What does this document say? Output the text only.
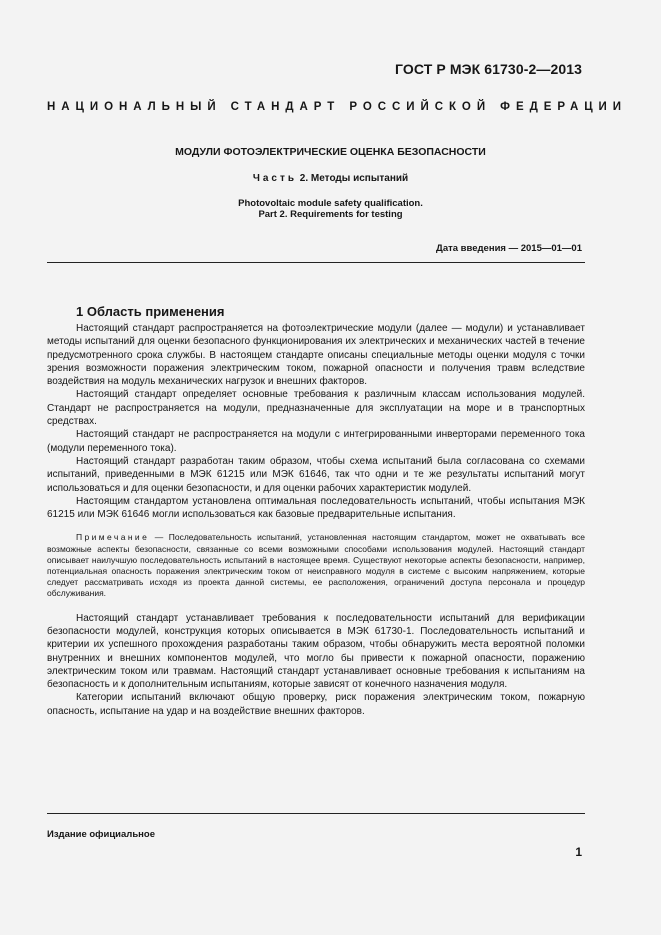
ГОСТ Р МЭК 61730-2—2013
НАЦИОНАЛЬНЫЙ СТАНДАРТ РОССИЙСКОЙ ФЕДЕРАЦИИ
МОДУЛИ ФОТОЭЛЕКТРИЧЕСКИЕ ОЦЕНКА БЕЗОПАСНОСТИ
Часть 2. Методы испытаний
Photovoltaic module safety qualification.
Part 2. Requirements for testing
Дата введения — 2015—01—01
1 Область применения

Настоящий стандарт распространяется на фотоэлектрические модули (далее — модули) и устанавливает методы испытаний для оценки безопасного функционирования их электрических и механических частей в течение предусмотренного срока службы. В настоящем стандарте описаны специальные методы оценки модуля с точки зрения возможности поражения электрическим током, пожарной опасности и получения травм вследствие воздействия на модуль механических нагрузок и внешних факторов.

Настоящий стандарт определяет основные требования к различным классам использования модулей. Стандарт не распространяется на модули, предназначенные для эксплуатации на море и в транспортных средствах.

Настоящий стандарт не распространяется на модули с интегрированными инверторами переменного тока (модули переменного тока).

Настоящий стандарт разработан таким образом, чтобы схема испытаний была согласована со схемами испытаний, приведенными в МЭК 61215 или МЭК 61646, так что одни и те же результаты испытаний могут использоваться и для оценки безопасности, и для оценки рабочих характеристик модулей.

Настоящим стандартом установлена оптимальная последовательность испытаний, чтобы испытания МЭК 61215 или МЭК 61646 могли использоваться как базовые предварительные испытания.

Примечание — Последовательность испытаний, установленная настоящим стандартом, может не охватывать все возможные аспекты безопасности, связанные со всеми возможными способами использования модулей. Настоящий стандарт описывает наилучшую последовательность испытаний в настоящее время. Существуют некоторые аспекты безопасности, например, потенциальная опасность поражения электрическим током от неисправного модуля в системе с высоким напряжением, которые следует рассматривать исходя из проекта данной системы, ее расположения, ограничений доступа персонала и процедур обслуживания.

Настоящий стандарт устанавливает требования к последовательности испытаний для верификации безопасности модулей, конструкция которых описывается в МЭК 61730-1. Последовательность испытаний и критерии их успешного прохождения разработаны таким образом, чтобы обнаружить места вероятной поломки внутренних и внешних компонентов модулей, что могло бы привести к пожарной опасности, поражению электрическим током или травмам. Настоящий стандарт устанавливает основные требования к испытаниям на безопасность и к дополнительным испытаниям, которые зависят от конечного назначения модуля.

Категории испытаний включают общую проверку, риск поражения электрическим током, пожарную опасность, испытание на удар и на воздействие внешних факторов.

Издание официальное
1
